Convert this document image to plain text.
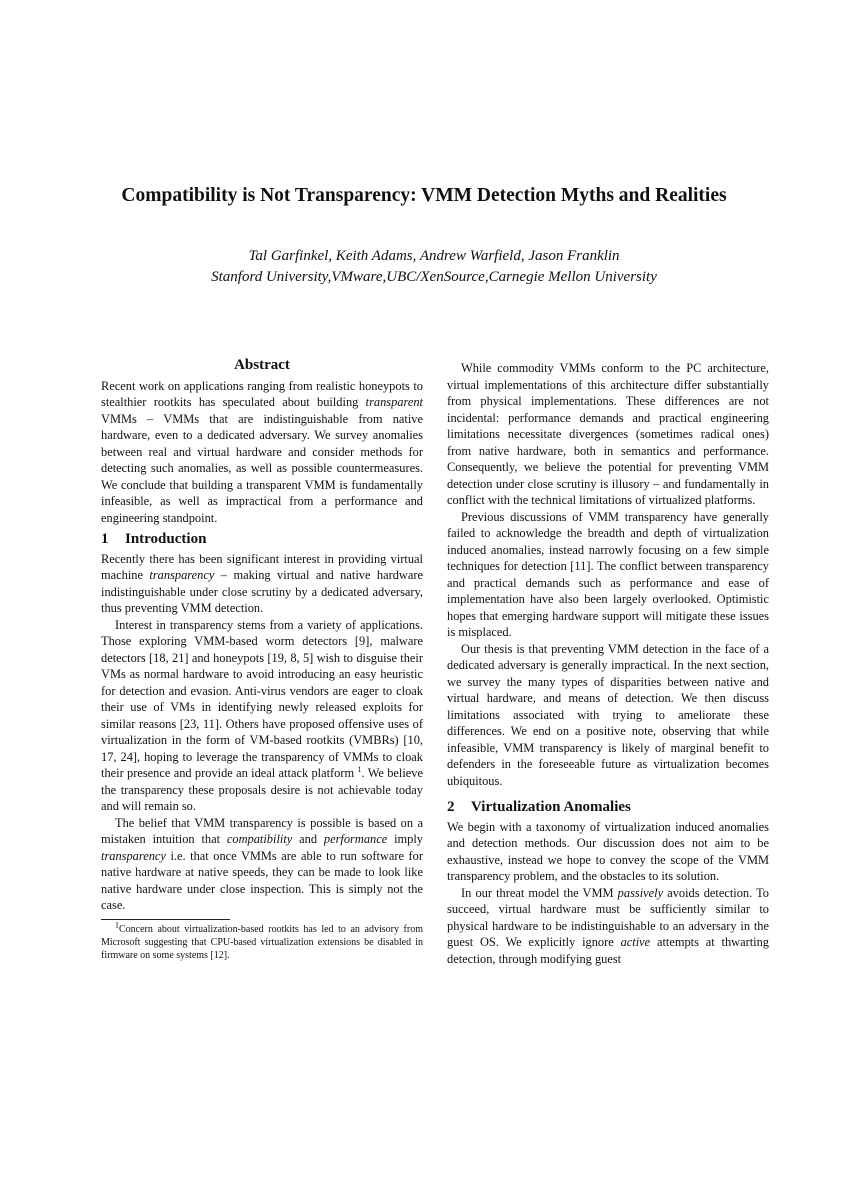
Compatibility is Not Transparency: VMM Detection Myths and Realities
Tal Garfinkel, Keith Adams, Andrew Warfield, Jason Franklin
Stanford University,VMware,UBC/XenSource,Carnegie Mellon University
Abstract

Recent work on applications ranging from realistic honeypots to stealthier rootkits has speculated about building transparent VMMs – VMMs that are indistinguishable from native hardware, even to a dedicated adversary. We survey anomalies between real and virtual hardware and consider methods for detecting such anomalies, as well as possible countermeasures. We conclude that building a transparent VMM is fundamentally infeasible, as well as impractical from a performance and engineering standpoint.

1 Introduction

Recently there has been significant interest in providing virtual machine transparency – making virtual and native hardware indistinguishable under close scrutiny by a dedicated adversary, thus preventing VMM detection.

Interest in transparency stems from a variety of applications. Those exploring VMM-based worm detectors [9], malware detectors [18, 21] and honeypots [19, 8, 5] wish to disguise their VMs as normal hardware to avoid introducing an easy heuristic for detection and evasion. Anti-virus vendors are eager to cloak their use of VMs in identifying newly released exploits for similar reasons [23, 11]. Others have proposed offensive uses of virtualization in the form of VM-based rootkits (VMBRs) [10, 17, 24], hoping to leverage the transparency of VMMs to cloak their presence and provide an ideal attack platform $^1$. We believe the transparency these proposals desire is not achievable today and will remain so.

The belief that VMM transparency is possible is based on a mistaken intuition that compatibility and performance imply transparency i.e. that once VMMs are able to run software for native hardware at native speeds, they can be made to look like native hardware under close inspection. This is simply not the case.

$^1$Concern about virtualization-based rootkits has led to an advisory from Microsoft suggesting that CPU-based virtualization extensions be disabled in firmware on some systems [12].

While commodity VMMs conform to the PC architecture, virtual implementations of this architecture differ substantially from physical implementations. These differences are not incidental: performance demands and practical engineering limitations necessitate divergences (sometimes radical ones) from native hardware, both in semantics and performance. Consequently, we believe the potential for preventing VMM detection under close scrutiny is illusory – and fundamentally in conflict with the technical limitations of virtualized platforms.

Previous discussions of VMM transparency have generally failed to acknowledge the breadth and depth of virtualization induced anomalies, instead narrowly focusing on a few simple techniques for detection [11]. The conflict between transparency and practical demands such as performance and ease of implementation have also been largely overlooked. Optimistic hopes that emerging hardware support will mitigate these issues is misplaced.

Our thesis is that preventing VMM detection in the face of a dedicated adversary is generally impractical. In the next section, we survey the many types of disparities between native and virtual hardware, and means of detection. We then discuss limitations associated with trying to ameliorate these differences. We end on a positive note, observing that while infeasible, VMM transparency is likely of marginal benefit to defenders in the foreseeable future as virtualization becomes ubiquitous.

2 Virtualization Anomalies

We begin with a taxonomy of virtualization induced anomalies and detection methods. Our discussion does not aim to be exhaustive, instead we hope to convey the scope of the VMM transparency problem, and the obstacles to its solution.

In our threat model the VMM passively avoids detection. To succeed, virtual hardware must be sufficiently similar to physical hardware to be indistinguishable to an adversary in the guest OS. We explicitly ignore active attempts at thwarting detection, through modifying guest
